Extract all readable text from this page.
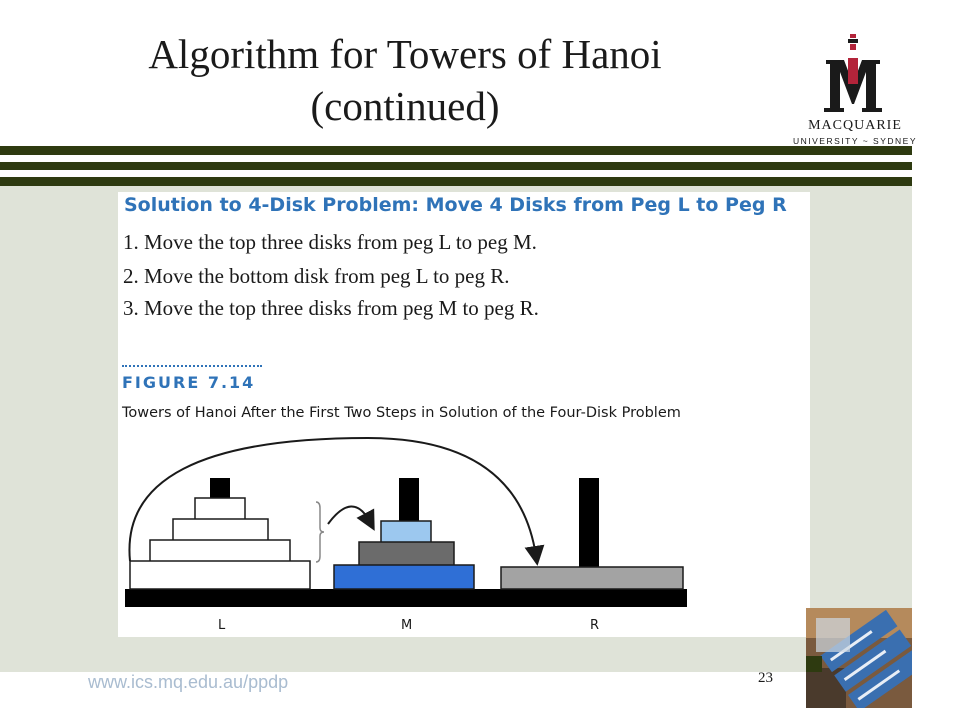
Algorithm for Towers of Hanoi
(continued)	MACQUARIE
UNIVERSITY ~ SYDNEY
Solution to 4-Disk Problem: Move 4 Disks from Peg L to Peg R
1. Move the top three disks from peg L to peg M.
2. Move the bottom disk from peg L to peg R.
3. Move the top three disks from peg M to peg R.
FIGURE 7.14
Towers of Hanoi After the First Two Steps in Solution of the Four-Disk Problem
L	M	R
www.ics.mq.edu.au/ppdp	23
